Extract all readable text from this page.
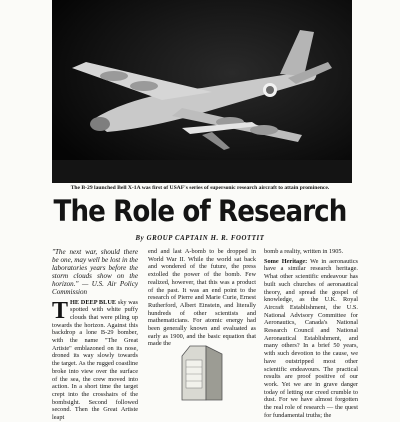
The B-29 launched Bell X-1A was first of USAF's series of supersonic research aircraft to attain prominence.
The Role of Research
By GROUP CAPTAIN H. R. FOOTTIT

"The next war, should there be one, may well be lost in the laboratories years before the storm clouds show on the horizon." — U.S. Air Policy Commission

THE DEEP BLUE sky was spotted with white puffy clouds that were piling up towards the horizon. Against this backdrop a lone B-29 bomber, with the name "The Great Artiste" emblazoned on its nose, droned its way slowly towards the target. As the rugged coastline broke into view over the surface of the sea, the crew moved into action. In a short time the target crept into the crosshairs of the bombsight. Second followed second. Then the Great Artiste leapt

end and last A-bomb to be dropped in World War II. While the world sat back and wondered of the future, the press extolled the power of the bomb. Few realized, however, that this was a product of the past. It was an end point to the research of Pierre and Marie Curie, Ernest Rutherford, Albert Einstein, and literally hundreds of other scientists and mathematicians. For atomic energy had been generally known and evaluated as early as 1900, and the basic equation that made the

bomb a reality, written in 1905.

Some Heritage: We in aeronautics have a similar research heritage. What other scientific endeavour has built such churches of aeronautical theory, and spread the gospel of knowledge, as the U.K. Royal Aircraft Establishment, the U.S. National Advisory Committee for Aeronautics, Canada's National Research Council and National Aeronautical Establishment, and many others? In a brief 50 years, with such devotion to the cause, we have outstripped most other scientific endeavours. The practical results are proof positive of our work. Yet we are in grave danger today of letting our creed crumble to dust. For we have almost forgotten the real role of research — the quest for fundamental truths; the
